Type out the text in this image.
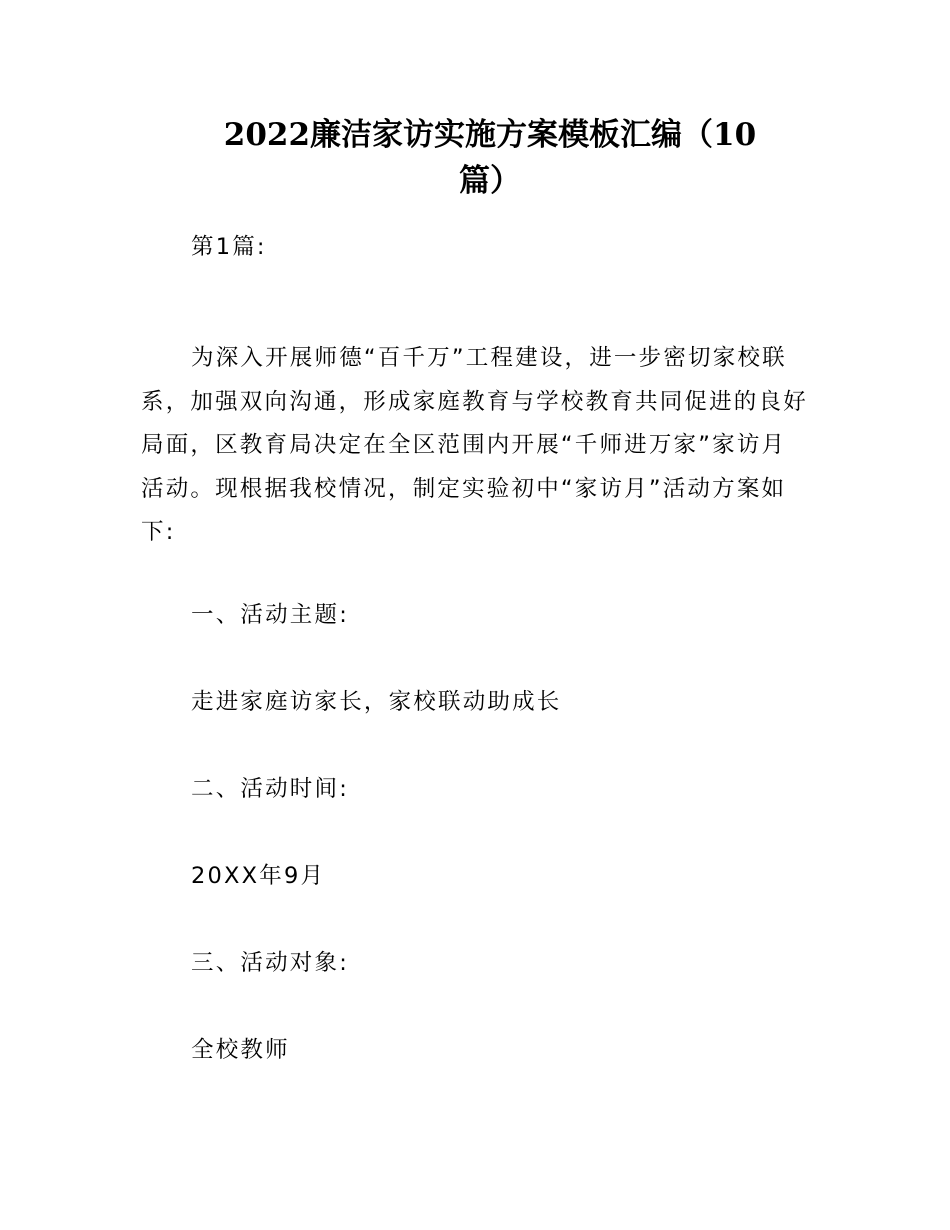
2022廉洁家访实施方案模板汇编（10
篇）
第1篇:
为深入开展师德“百千万”工程建设，进一步密切家校联
系，加强双向沟通，形成家庭教育与学校教育共同促进的良好
局面，区教育局决定在全区范围内开展“千师进万家”家访月
活动。现根据我校情况，制定实验初中“家访月”活动方案如
下:
一、活动主题:
走进家庭访家长，家校联动助成长
二、活动时间:
20XX年9月
三、活动对象:
全校教师
